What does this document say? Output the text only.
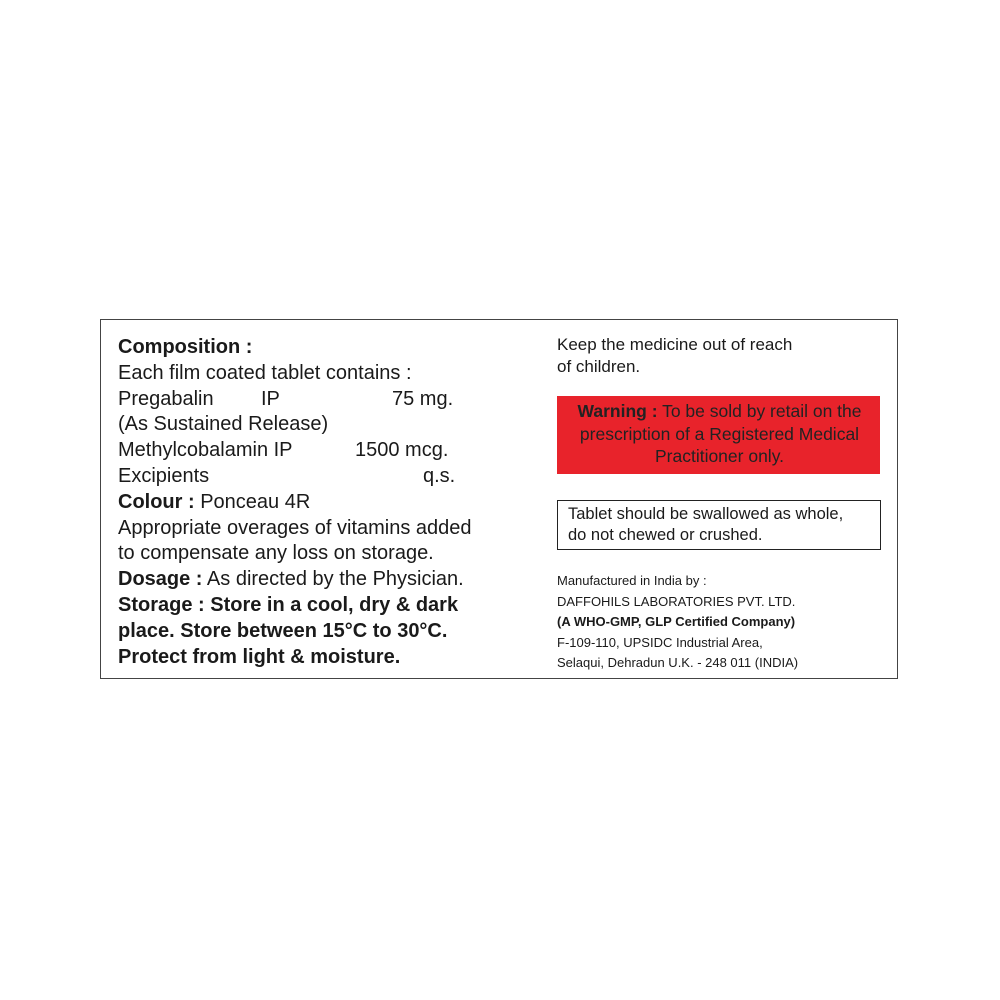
Composition :
Each film coated tablet contains :
Pregabalin IP	75 mg.
(As Sustained Release)
Methylcobalamin IP	1500 mcg.
Excipients	q.s.
Colour : Ponceau 4R
Appropriate overages of vitamins added
to compensate any loss on storage.
Dosage : As directed by the Physician.
Storage : Store in a cool, dry & dark
place. Store between 15°C to 30°C.
Protect from light & moisture.
Keep the medicine out of reach
of children.
Warning : To be sold by retail on the prescription of a Registered Medical Practitioner only.
Tablet should be swallowed as whole,
do not chewed or crushed.
Manufactured in India by :
DAFFOHILS LABORATORIES PVT. LTD.
(A WHO-GMP, GLP Certified Company)
F-109-110, UPSIDC Industrial Area,
Selaqui, Dehradun U.K. - 248 011 (INDIA)
